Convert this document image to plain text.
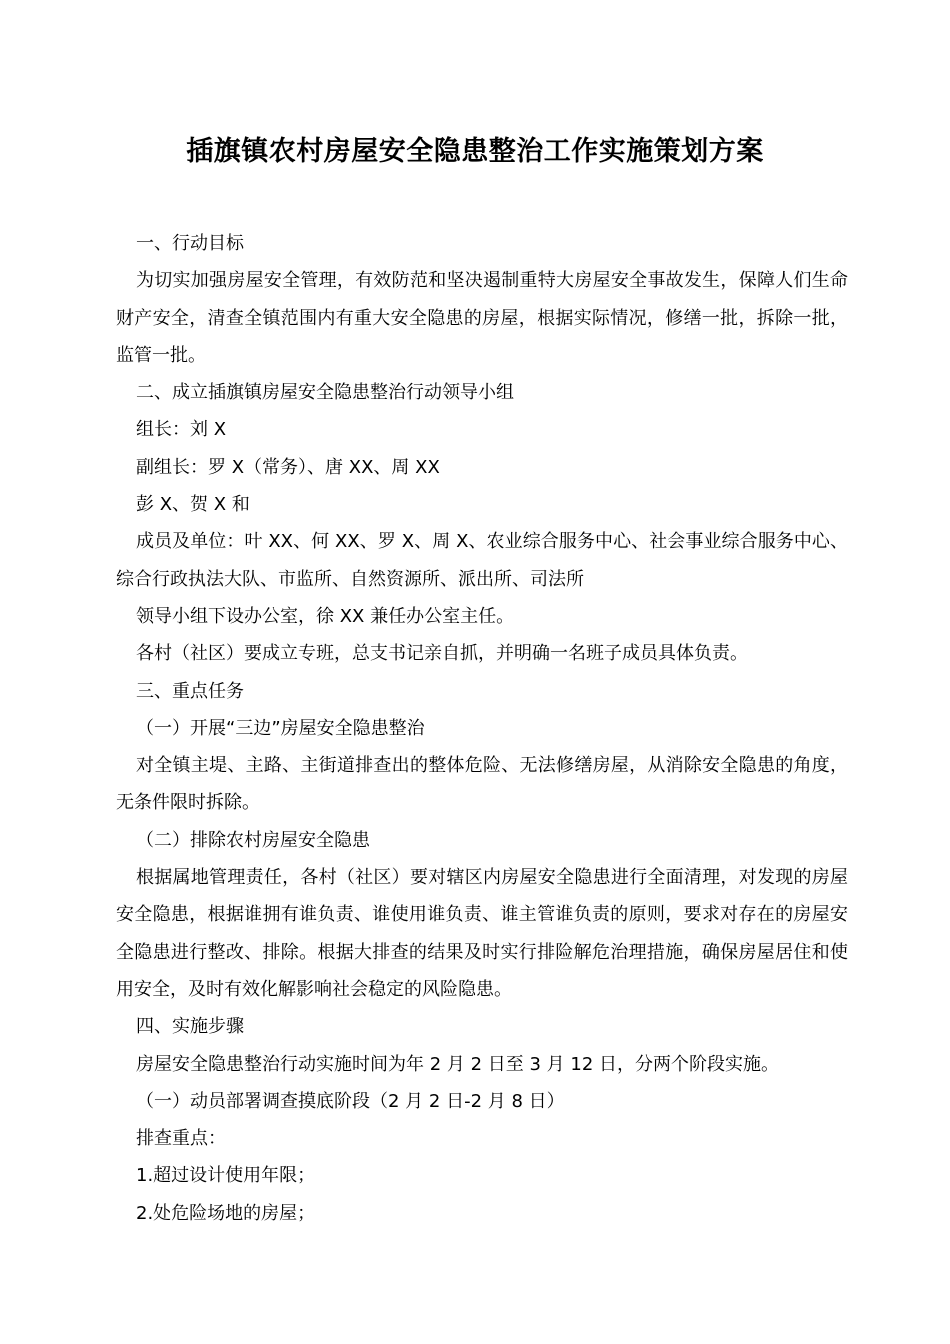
插旗镇农村房屋安全隐患整治工作实施策划方案

一、行动目标

为切实加强房屋安全管理，有效防范和坚决遏制重特大房屋安全事故发生，保障人们生命财产安全，清查全镇范围内有重大安全隐患的房屋，根据实际情况，修缮一批，拆除一批，监管一批。

二、成立插旗镇房屋安全隐患整治行动领导小组

组长：刘 X

副组长：罗 X（常务）、唐 XX、周 XX

彭 X、贺 X 和

成员及单位：叶 XX、何 XX、罗 X、周 X、农业综合服务中心、社会事业综合服务中心、综合行政执法大队、市监所、自然资源所、派出所、司法所

领导小组下设办公室，徐 XX 兼任办公室主任。

各村（社区）要成立专班，总支书记亲自抓，并明确一名班子成员具体负责。

三、重点任务

（一）开展“三边”房屋安全隐患整治

对全镇主堤、主路、主街道排查出的整体危险、无法修缮房屋，从消除安全隐患的角度，无条件限时拆除。

（二）排除农村房屋安全隐患

根据属地管理责任，各村（社区）要对辖区内房屋安全隐患进行全面清理，对发现的房屋安全隐患，根据谁拥有谁负责、谁使用谁负责、谁主管谁负责的原则，要求对存在的房屋安全隐患进行整改、排除。根据大排查的结果及时实行排险解危治理措施，确保房屋居住和使用安全，及时有效化解影响社会稳定的风险隐患。

四、实施步骤

房屋安全隐患整治行动实施时间为年 2 月 2 日至 3 月 12 日，分两个阶段实施。

（一）动员部署调查摸底阶段（2 月 2 日-2 月 8 日）

排查重点：

1.超过设计使用年限；

2.处危险场地的房屋；
